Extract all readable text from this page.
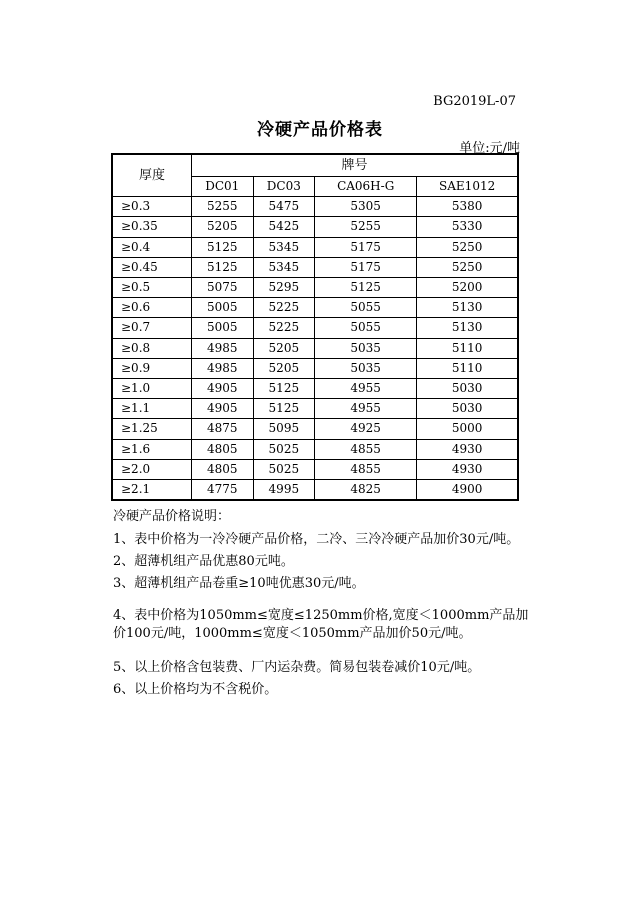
BG2019L-07
冷硬产品价格表
单位:元/吨
厚度	牌号			
	DC01	DC03	CA06H-G	SAE1012
≥0.3	5255	5475	5305	5380
≥0.35	5205	5425	5255	5330
≥0.4	5125	5345	5175	5250
≥0.45	5125	5345	5175	5250
≥0.5	5075	5295	5125	5200
≥0.6	5005	5225	5055	5130
≥0.7	5005	5225	5055	5130
≥0.8	4985	5205	5035	5110
≥0.9	4985	5205	5035	5110
≥1.0	4905	5125	4955	5030
≥1.1	4905	5125	4955	5030
≥1.25	4875	5095	4925	5000
≥1.6	4805	5025	4855	4930
≥2.0	4805	5025	4855	4930
≥2.1	4775	4995	4825	4900

冷硬产品价格说明：

1、表中价格为一冷冷硬产品价格，二冷、三冷冷硬产品加价30元/吨。

2、超薄机组产品优惠80元吨。

3、超薄机组产品卷重≥10吨优惠30元/吨。

4、表中价格为1050mm≤宽度≤1250mm价格,宽度＜1000mm产品加价100元/吨，1000mm≤宽度＜1050mm产品加价50元/吨。

5、以上价格含包装费、厂内运杂费。简易包装卷减价10元/吨。

6、以上价格均为不含税价。
